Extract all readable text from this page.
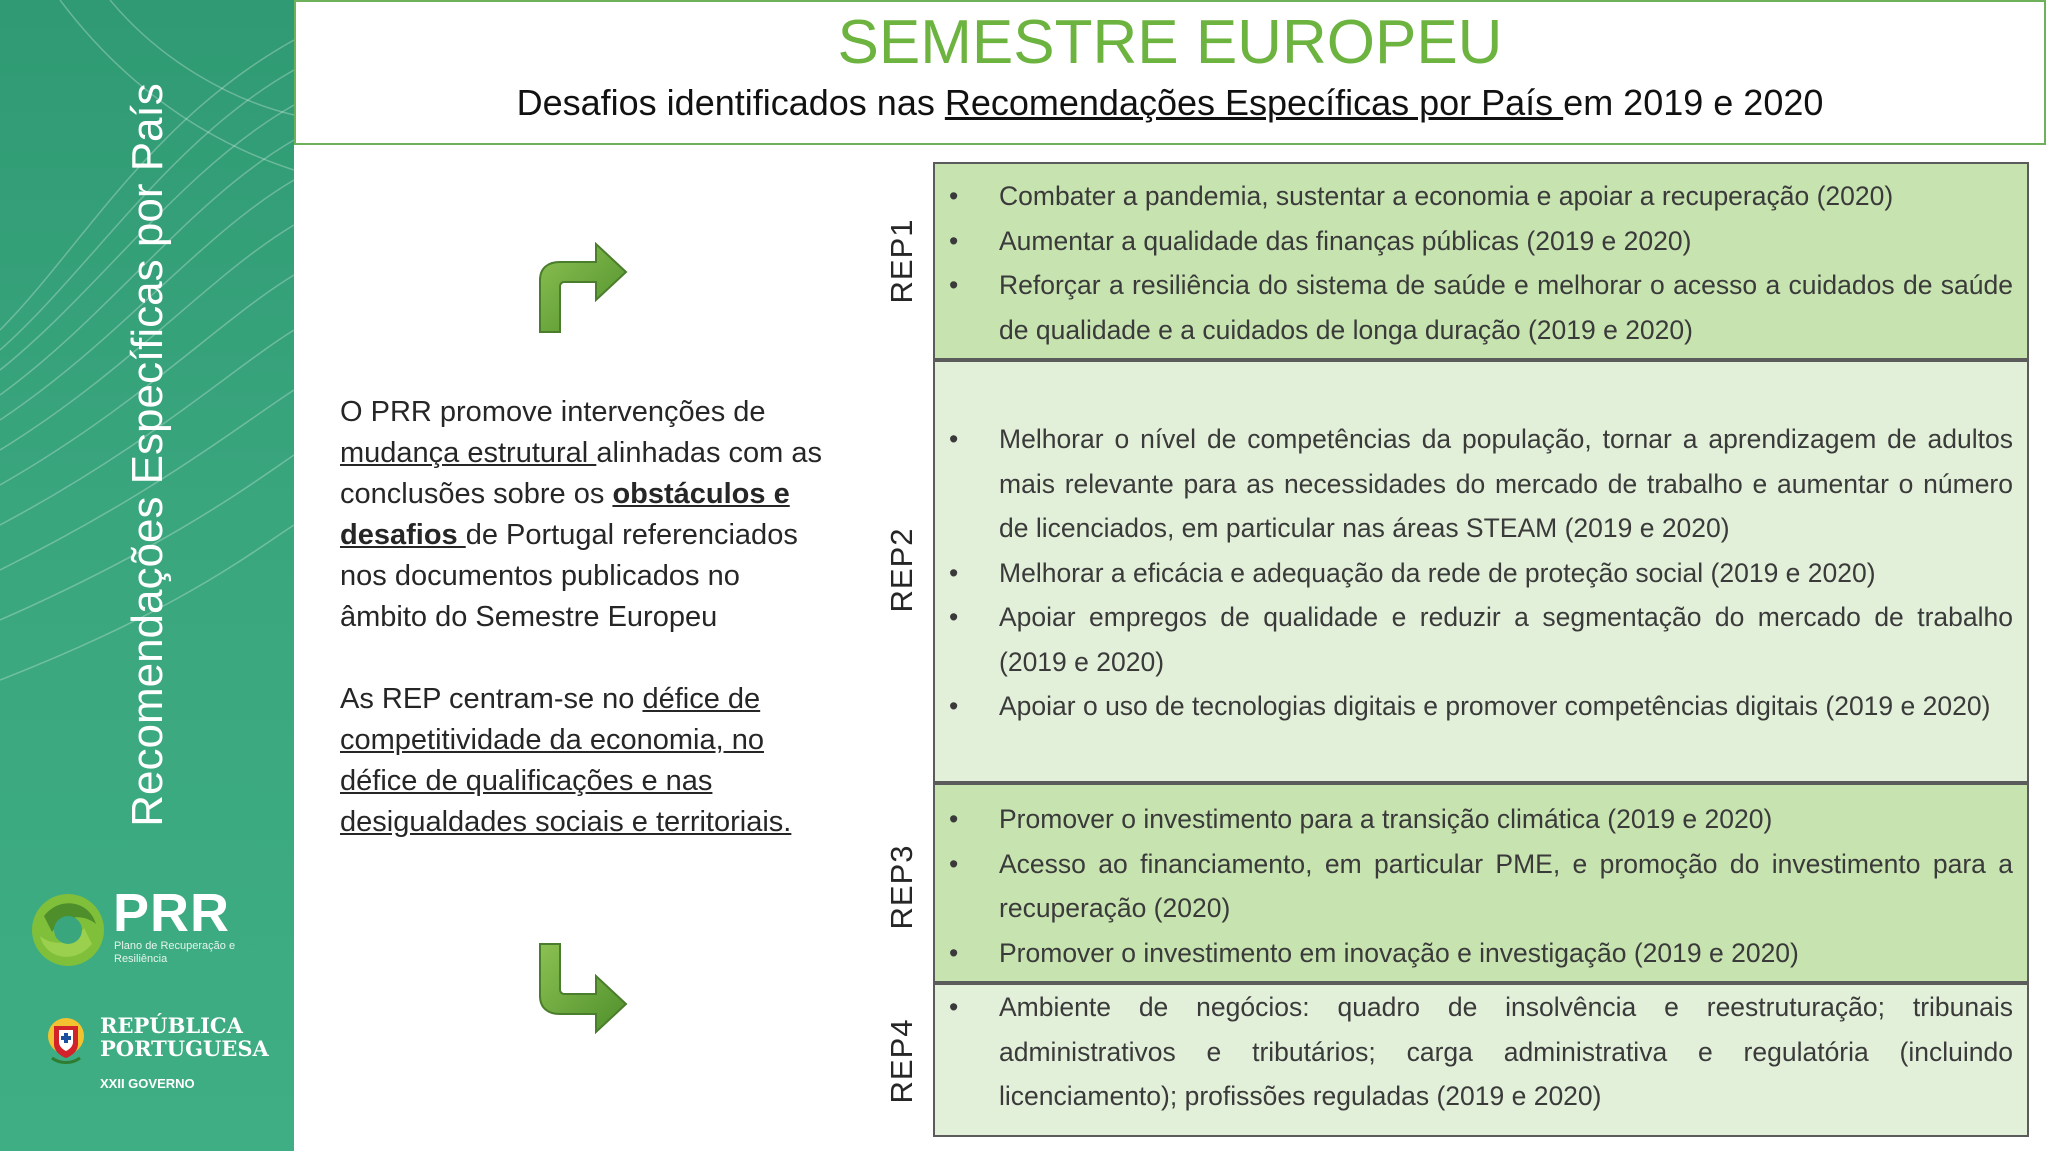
Recomendações Específicas por País
PRR
Plano de Recuperação e Resiliência
REPÚBLICA
PORTUGUESA
XXII GOVERNO
SEMESTRE EUROPEU
Desafios identificados nas Recomendações Específicas por País em 2019 e 2020

O PRR promove intervenções de mudança estrutural alinhadas com as conclusões sobre os obstáculos e desafios de Portugal referenciados nos documentos publicados no âmbito do Semestre Europeu

As REP centram-se no défice de competitividade da economia, no défice de qualificações e nas desigualdades sociais e territoriais.

REP1
REP2
REP3
REP4
• Combater a pandemia, sustentar a economia e apoiar a recuperação (2020)
• Aumentar a qualidade das finanças públicas (2019 e 2020)
• Reforçar a resiliência do sistema de saúde e melhorar o acesso a cuidados de saúde de qualidade e a cuidados de longa duração (2019 e 2020)
• Melhorar o nível de competências da população, tornar a aprendizagem de adultos mais relevante para as necessidades do mercado de trabalho e aumentar o número de licenciados, em particular nas áreas STEAM (2019 e 2020)
• Melhorar a eficácia e adequação da rede de proteção social (2019 e 2020)
• Apoiar empregos de qualidade e reduzir a segmentação do mercado de trabalho (2019 e 2020)
• Apoiar o uso de tecnologias digitais e promover competências digitais (2019 e 2020)
• Promover o investimento para a transição climática (2019 e 2020)
• Acesso ao financiamento, em particular PME, e promoção do investimento para a recuperação (2020)
• Promover o investimento em inovação e investigação (2019 e 2020)
• Ambiente de negócios: quadro de insolvência e reestruturação; tribunais administrativos e tributários; carga administrativa e regulatória (incluindo licenciamento); profissões reguladas (2019 e 2020)
